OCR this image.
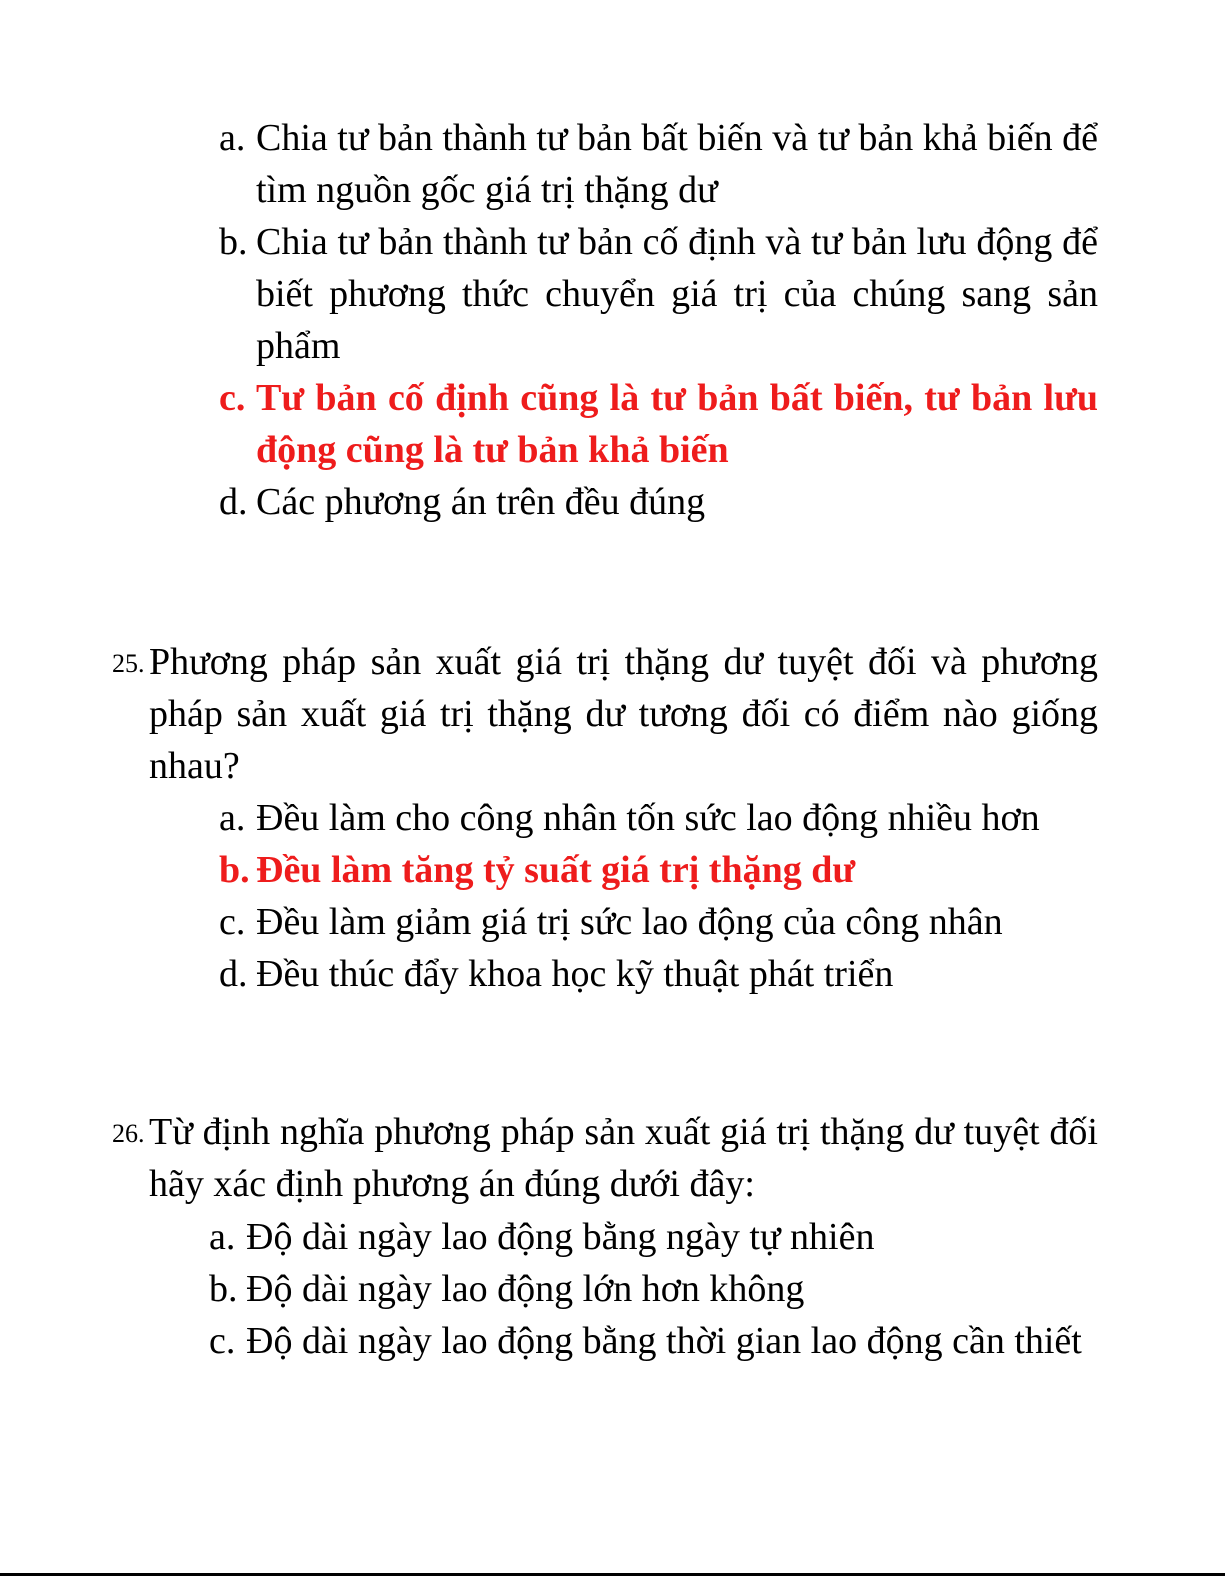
a. Chia tư bản thành tư bản bất biến và tư bản khả biến để tìm nguồn gốc giá trị thặng dư
b. Chia tư bản thành tư bản cố định và tư bản lưu động để biết phương thức chuyển giá trị của chúng sang sản phẩm
c. Tư bản cố định cũng là tư bản bất biến, tư bản lưu động cũng là tư bản khả biến
d. Các phương án trên đều đúng
25. Phương pháp sản xuất giá trị thặng dư tuyệt đối và phương pháp sản xuất giá trị thặng dư tương đối có điểm nào giống nhau?
a. Đều làm cho công nhân tốn sức lao động nhiều hơn
b. Đều làm tăng tỷ suất giá trị thặng dư
c. Đều làm giảm giá trị sức lao động của công nhân
d. Đều thúc đẩy khoa học kỹ thuật phát triển
26. Từ định nghĩa phương pháp sản xuất giá trị thặng dư tuyệt đối hãy xác định phương án đúng dưới đây:
a. Độ dài ngày lao động bằng ngày tự nhiên
b. Độ dài ngày lao động lớn hơn không
c. Độ dài ngày lao động bằng thời gian lao động cần thiết
